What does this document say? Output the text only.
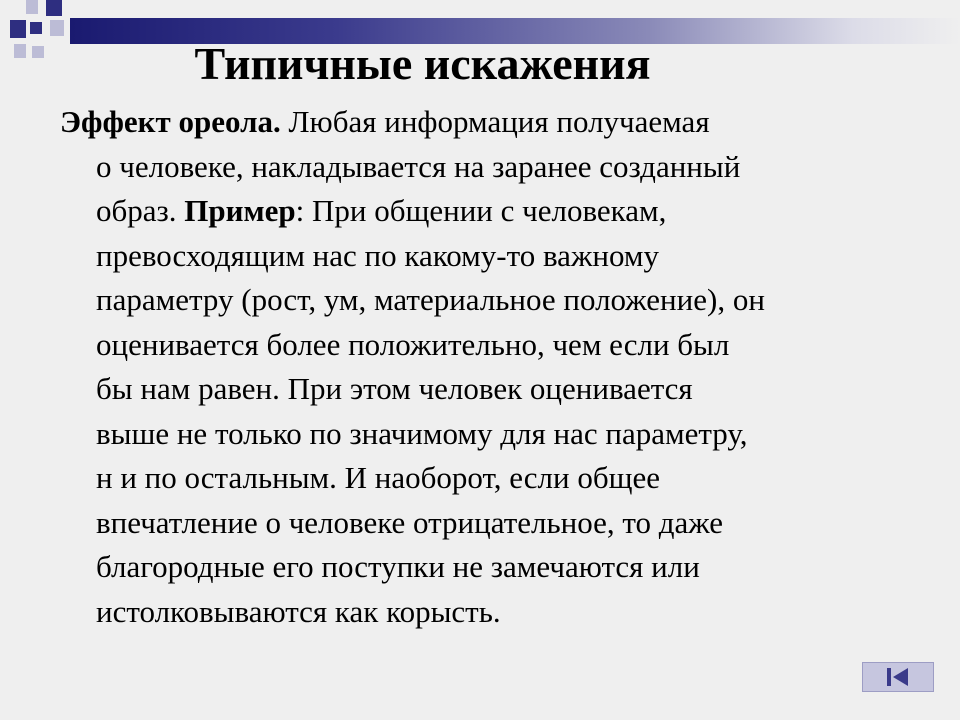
Типичные искажения
Эффект ореола. Любая информация получаемая
о человеке, накладывается на заранее созданный
образ. Пример: При общении с человекам,
превосходящим нас по какому-то важному
параметру (рост, ум, материальное положение), он
оценивается более положительно, чем если был
бы нам равен. При этом человек оценивается
выше не только по значимому для нас параметру,
н и по остальным. И наоборот, если общее
впечатление о человеке отрицательное, то даже
благородные его поступки не замечаются или
истолковываются как корысть.
